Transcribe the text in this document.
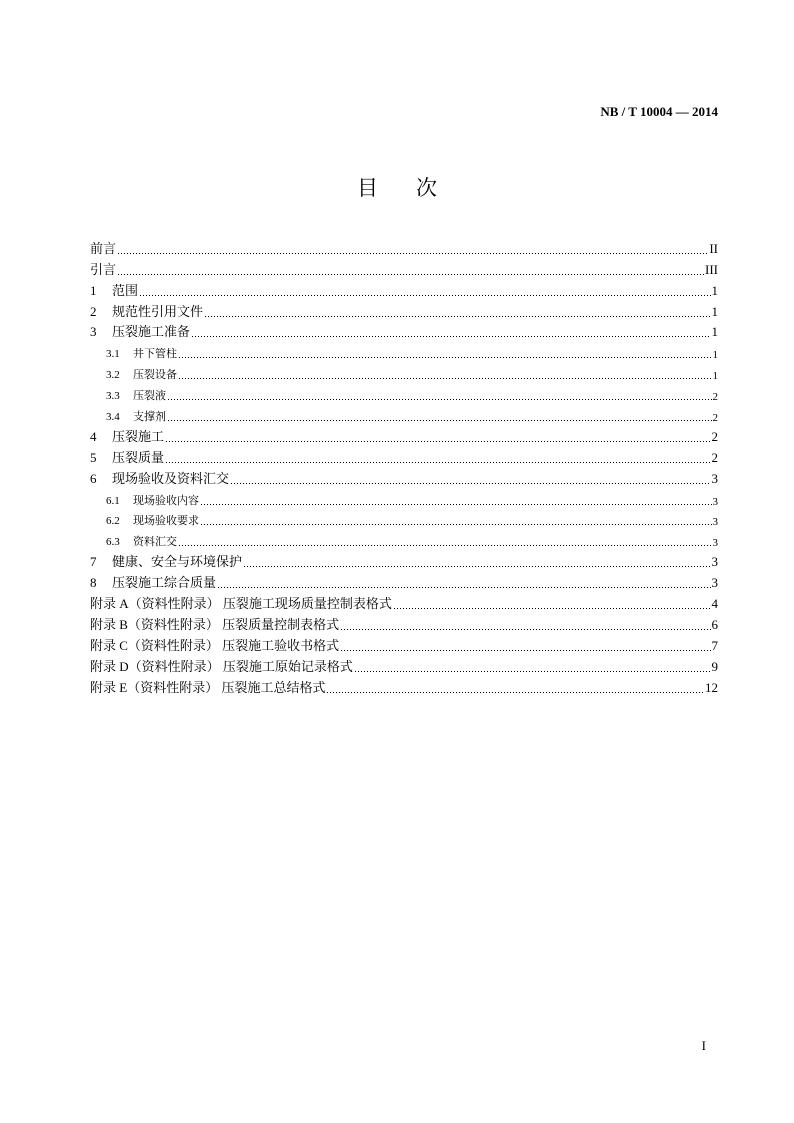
NB / T 10004 — 2014
目次
前言	II
引言	III
1 范围	1
2 规范性引用文件	1
3 压裂施工准备	1
3.1 井下管柱	1
3.2 压裂设备	1
3.3 压裂液	2
3.4 支撑剂	2
4 压裂施工	2
5 压裂质量	2
6 现场验收及资料汇交	3
6.1 现场验收内容	3
6.2 现场验收要求	3
6.3 资料汇交	3
7 健康、安全与环境保护	3
8 压裂施工综合质量	3
附录 A（资料性附录） 压裂施工现场质量控制表格式	4
附录 B（资料性附录） 压裂质量控制表格式	6
附录 C（资料性附录） 压裂施工验收书格式	7
附录 D（资料性附录） 压裂施工原始记录格式	9
附录 E（资料性附录） 压裂施工总结格式	12
I
